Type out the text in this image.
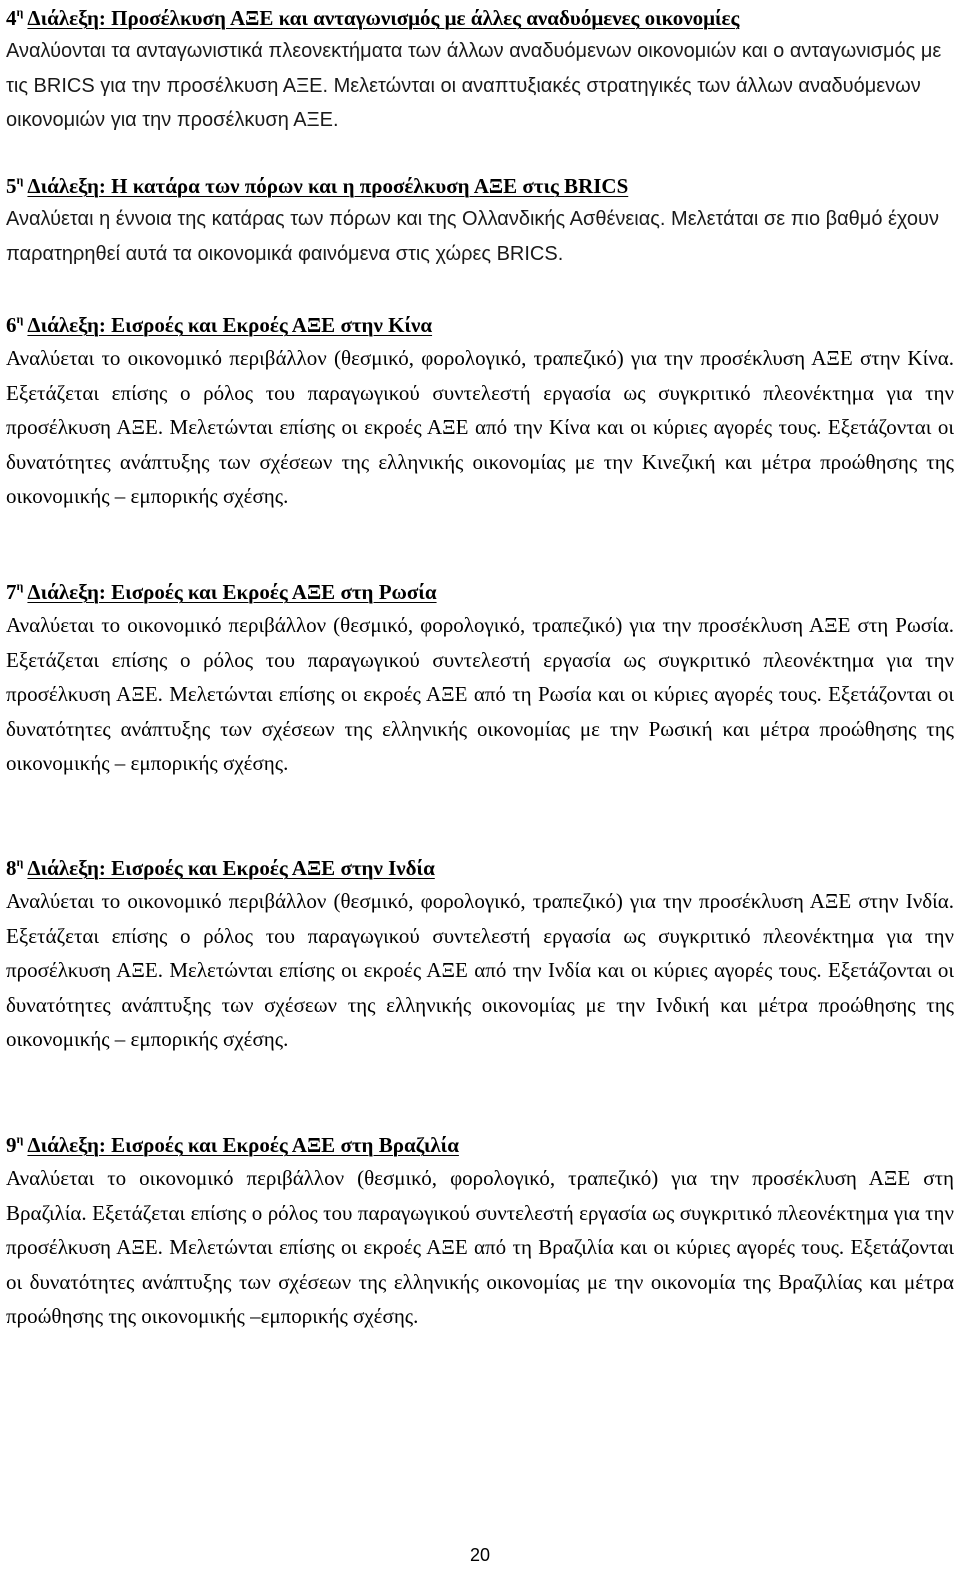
$4^\eta$ Διάλεξη: Προσέλκυση ΑΞΕ και ανταγωνισμός με άλλες αναδυόμενες οικονομίες

Αναλύονται τα ανταγωνιστικά πλεονεκτήματα των άλλων αναδυόμενων οικονομιών και ο ανταγωνισμός με τις BRICS για την προσέλκυση ΑΞΕ. Μελετώνται οι αναπτυξιακές στρατηγικές των άλλων αναδυόμενων οικονομιών για την προσέλκυση ΑΞΕ.

$5^\eta$ Διάλεξη: Η κατάρα των πόρων και η προσέλκυση ΑΞΕ στις BRICS

Αναλύεται η έννοια της κατάρας των πόρων και της Ολλανδικής Ασθένειας. Μελετάται σε πιο βαθμό έχουν παρατηρηθεί αυτά τα οικονομικά φαινόμενα στις χώρες BRICS.

$6^\eta$ Διάλεξη: Εισροές και Εκροές ΑΞΕ στην Κίνα

Αναλύεται το οικονομικό περιβάλλον (θεσμικό, φορολογικό, τραπεζικό) για την προσέκλυση ΑΞΕ στην Κίνα. Εξετάζεται επίσης ο ρόλος του παραγωγικού συντελεστή εργασία ως συγκριτικό πλεονέκτημα για την προσέλκυση ΑΞΕ. Μελετώνται επίσης οι εκροές ΑΞΕ από την Κίνα και οι κύριες αγορές τους. Εξετάζονται οι δυνατότητες ανάπτυξης των σχέσεων της ελληνικής οικονομίας με την Κινεζική και μέτρα προώθησης της οικονομικής – εμπορικής σχέσης.

$7^\eta$ Διάλεξη: Εισροές και Εκροές ΑΞΕ στη Ρωσία

Αναλύεται το οικονομικό περιβάλλον (θεσμικό, φορολογικό, τραπεζικό) για την προσέκλυση ΑΞΕ στη Ρωσία. Εξετάζεται επίσης ο ρόλος του παραγωγικού συντελεστή εργασία ως συγκριτικό πλεονέκτημα για την προσέλκυση ΑΞΕ. Μελετώνται επίσης οι εκροές ΑΞΕ από τη Ρωσία και οι κύριες αγορές τους. Εξετάζονται οι δυνατότητες ανάπτυξης των σχέσεων της ελληνικής οικονομίας με την Ρωσική και μέτρα προώθησης της οικονομικής – εμπορικής σχέσης.

$8^\eta$ Διάλεξη: Εισροές και Εκροές ΑΞΕ στην Ινδία

Αναλύεται το οικονομικό περιβάλλον (θεσμικό, φορολογικό, τραπεζικό) για την προσέκλυση ΑΞΕ στην Ινδία. Εξετάζεται επίσης ο ρόλος του παραγωγικού συντελεστή εργασία ως συγκριτικό πλεονέκτημα για την προσέλκυση ΑΞΕ. Μελετώνται επίσης οι εκροές ΑΞΕ από την Ινδία και οι κύριες αγορές τους. Εξετάζονται οι δυνατότητες ανάπτυξης των σχέσεων της ελληνικής οικονομίας με την Ινδική και μέτρα προώθησης της οικονομικής – εμπορικής σχέσης.

$9^\eta$ Διάλεξη: Εισροές και Εκροές ΑΞΕ στη Βραζιλία

Αναλύεται το οικονομικό περιβάλλον (θεσμικό, φορολογικό, τραπεζικό) για την προσέκλυση ΑΞΕ στη Βραζιλία. Εξετάζεται επίσης ο ρόλος του παραγωγικού συντελεστή εργασία ως συγκριτικό πλεονέκτημα για την προσέλκυση ΑΞΕ. Μελετώνται επίσης οι εκροές ΑΞΕ από τη Βραζιλία και οι κύριες αγορές τους. Εξετάζονται οι δυνατότητες ανάπτυξης των σχέσεων της ελληνικής οικονομίας με την οικονομία της Βραζιλίας και μέτρα προώθησης της οικονομικής –εμπορικής σχέσης.

20
